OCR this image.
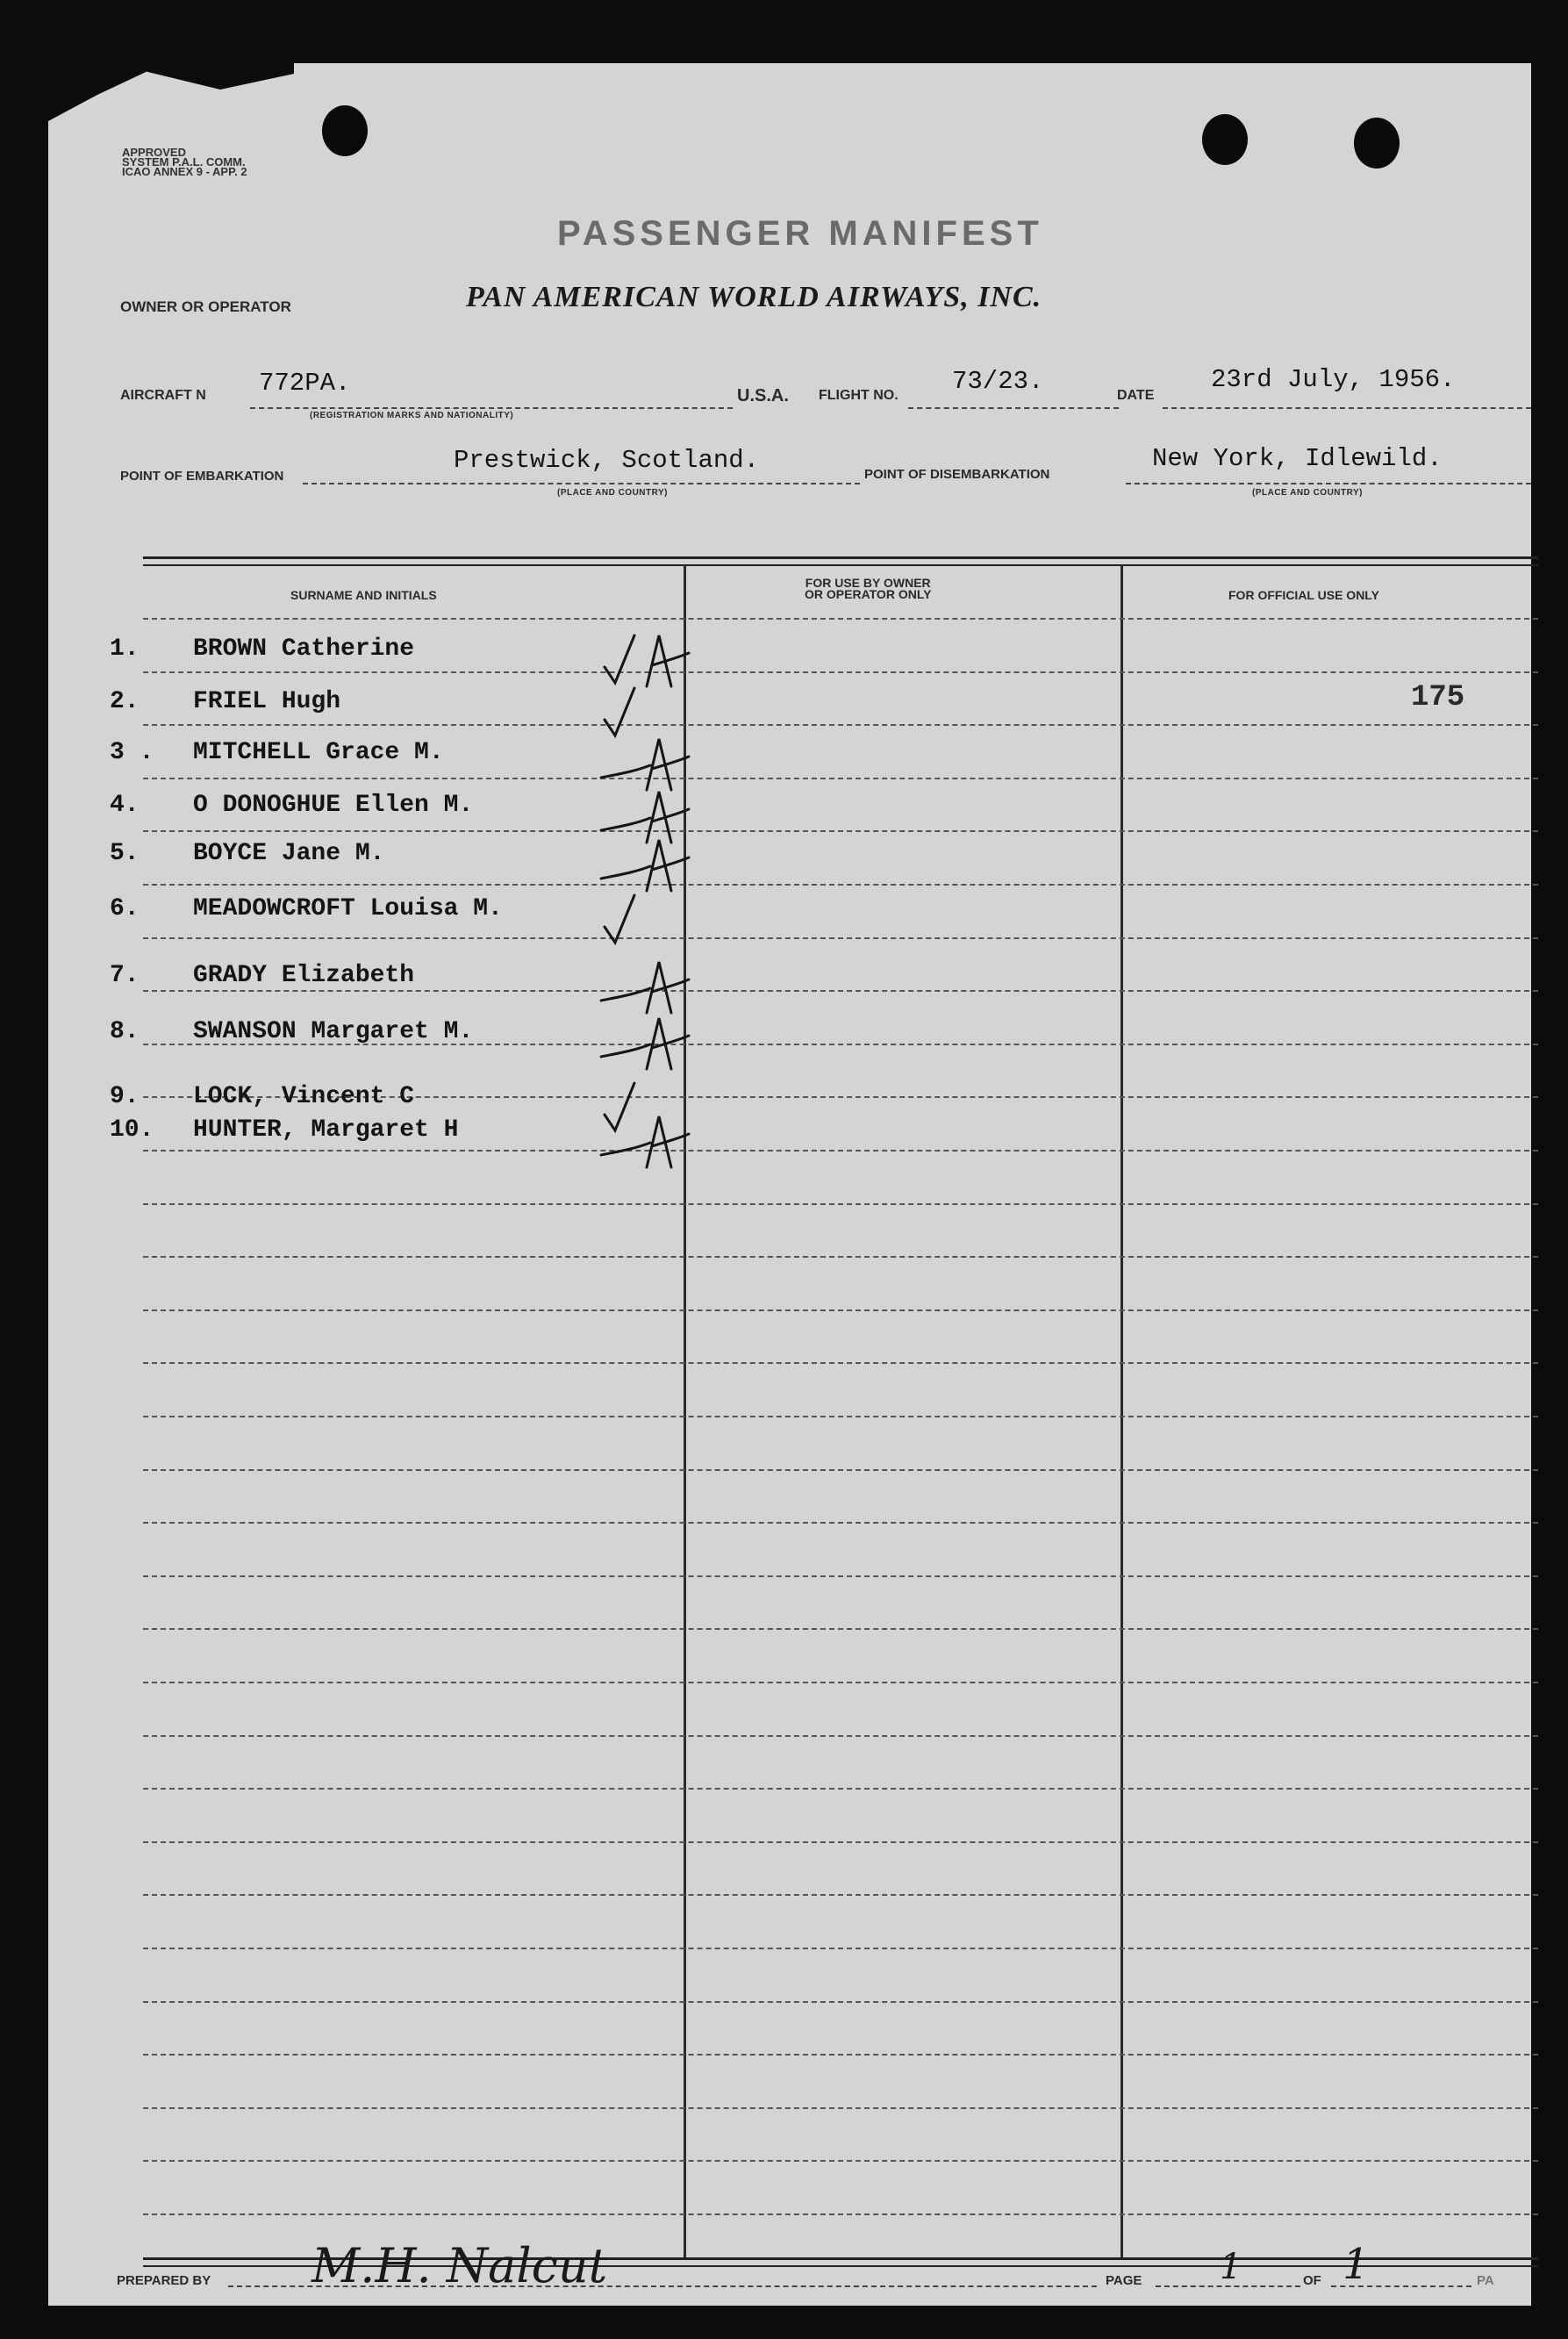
APPROVED
SYSTEM P.A.L. COMM.
ICAO ANNEX 9 - APP. 2
PASSENGER MANIFEST
OWNER OR OPERATOR	PAN AMERICAN WORLD AIRWAYS, INC.
AIRCRAFT N 772PA.
(REGISTRATION MARKS AND NATIONALITY)
U.S.A. FLIGHT NO. 73/23.	DATE
23rd July, 1956.
POINT OF EMBARKATION
Prestwick, Scotland.
(PLACE AND COUNTRY)
POINT OF DISEMBARKATION
New York, Idlewild.
(PLACE AND COUNTRY)
SURNAME AND INITIALS
FOR USE BY OWNER
OR OPERATOR ONLY	FOR OFFICIAL USE ONLY
1. BROWN Catherine
2. FRIEL Hugh	175
3 . MITCHELL Grace M.
4. O DONOGHUE Ellen M.
5. BOYCE Jane M.
6. MEADOWCROFT Louisa M.
7. GRADY Elizabeth
8. SWANSON Margaret M.
9. LOCK, Vincent C
10. HUNTER, Margaret H
PREPARED BY M.H. Nalcut	PAGE 1	OF 1	PA
